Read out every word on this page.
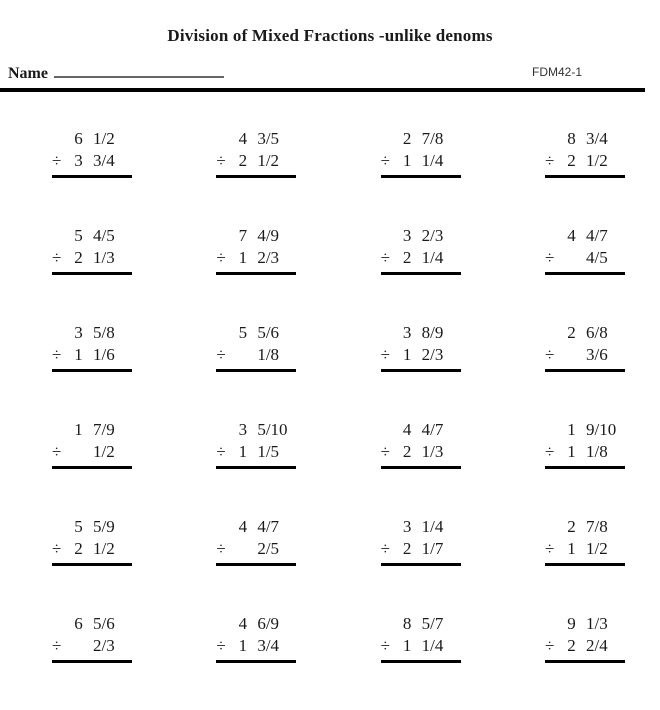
Division of Mixed Fractions -unlike denoms
Name	FDM42-1
6 1/2
÷ 3 3/4
4 3/5
÷ 2 1/2
2 7/8
÷ 1 1/4
8 3/4
÷ 2 1/2
5 4/5
÷ 2 1/3
7 4/9
÷ 1 2/3
3 2/3
÷ 2 1/4
4 4/7
÷	4/5
3 5/8
÷ 1 1/6
5 5/6
÷	1/8
3 8/9
÷ 1 2/3
2 6/8
÷	3/6
1 7/9
÷	1/2
3 5/10
÷ 1 1/5
4 4/7
÷ 2 1/3
1 9/10
÷ 1 1/8
5 5/9
÷ 2 1/2
4 4/7
÷	2/5
3 1/4
÷ 2 1/7
2 7/8
÷ 1 1/2
6 5/6
÷	2/3
4 6/9
÷ 1 3/4
8 5/7
÷ 1 1/4
9 1/3
÷ 2 2/4
